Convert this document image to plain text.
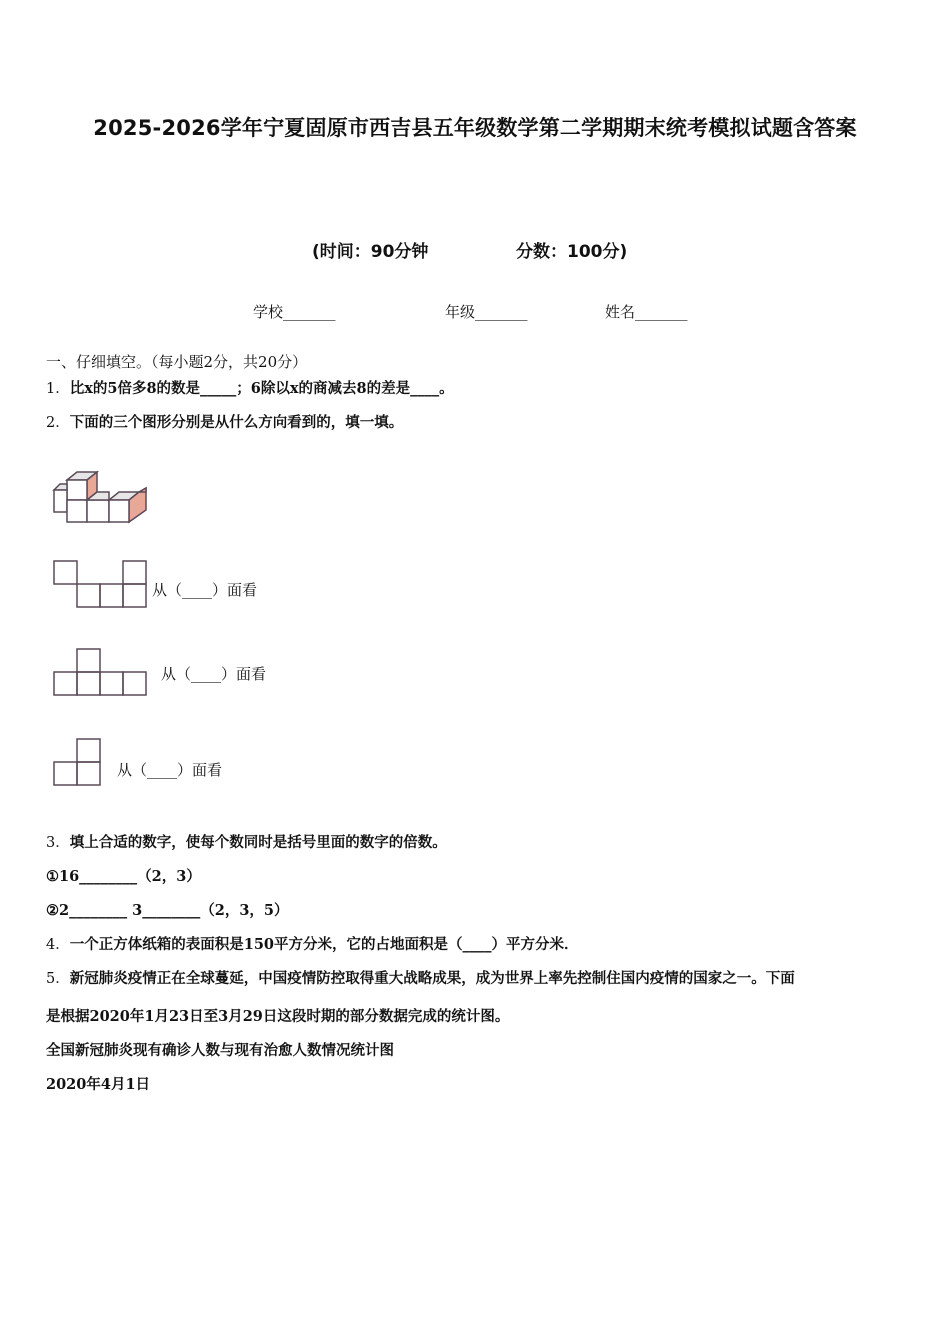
2025-2026学年宁夏固原市西吉县五年级数学第二学期期末统考模拟试题含答案
(时间：90分钟	分数：100分)
学校_______	年级_______	姓名_______
一、仔细填空。（每小题2分，共20分）
1．比x的5倍多8的数是_____；6除以x的商减去8的差是____。
2．下面的三个图形分别是从什么方向看到的，填一填。
从（____）面看
从（____）面看
从（____）面看
3．填上合适的数字，使每个数同时是括号里面的数字的倍数。
①16________（2，3）
②2________ 3________（2，3，5）
4．一个正方体纸箱的表面积是150平方分米，它的占地面积是（____）平方分米．
5．新冠肺炎疫情正在全球蔓延，中国疫情防控取得重大战略成果，成为世界上率先控制住国内疫情的国家之一。下面
是根据2020年1月23日至3月29日这段时期的部分数据完成的统计图。
全国新冠肺炎现有确诊人数与现有治愈人数情况统计图
2020年4月1日
